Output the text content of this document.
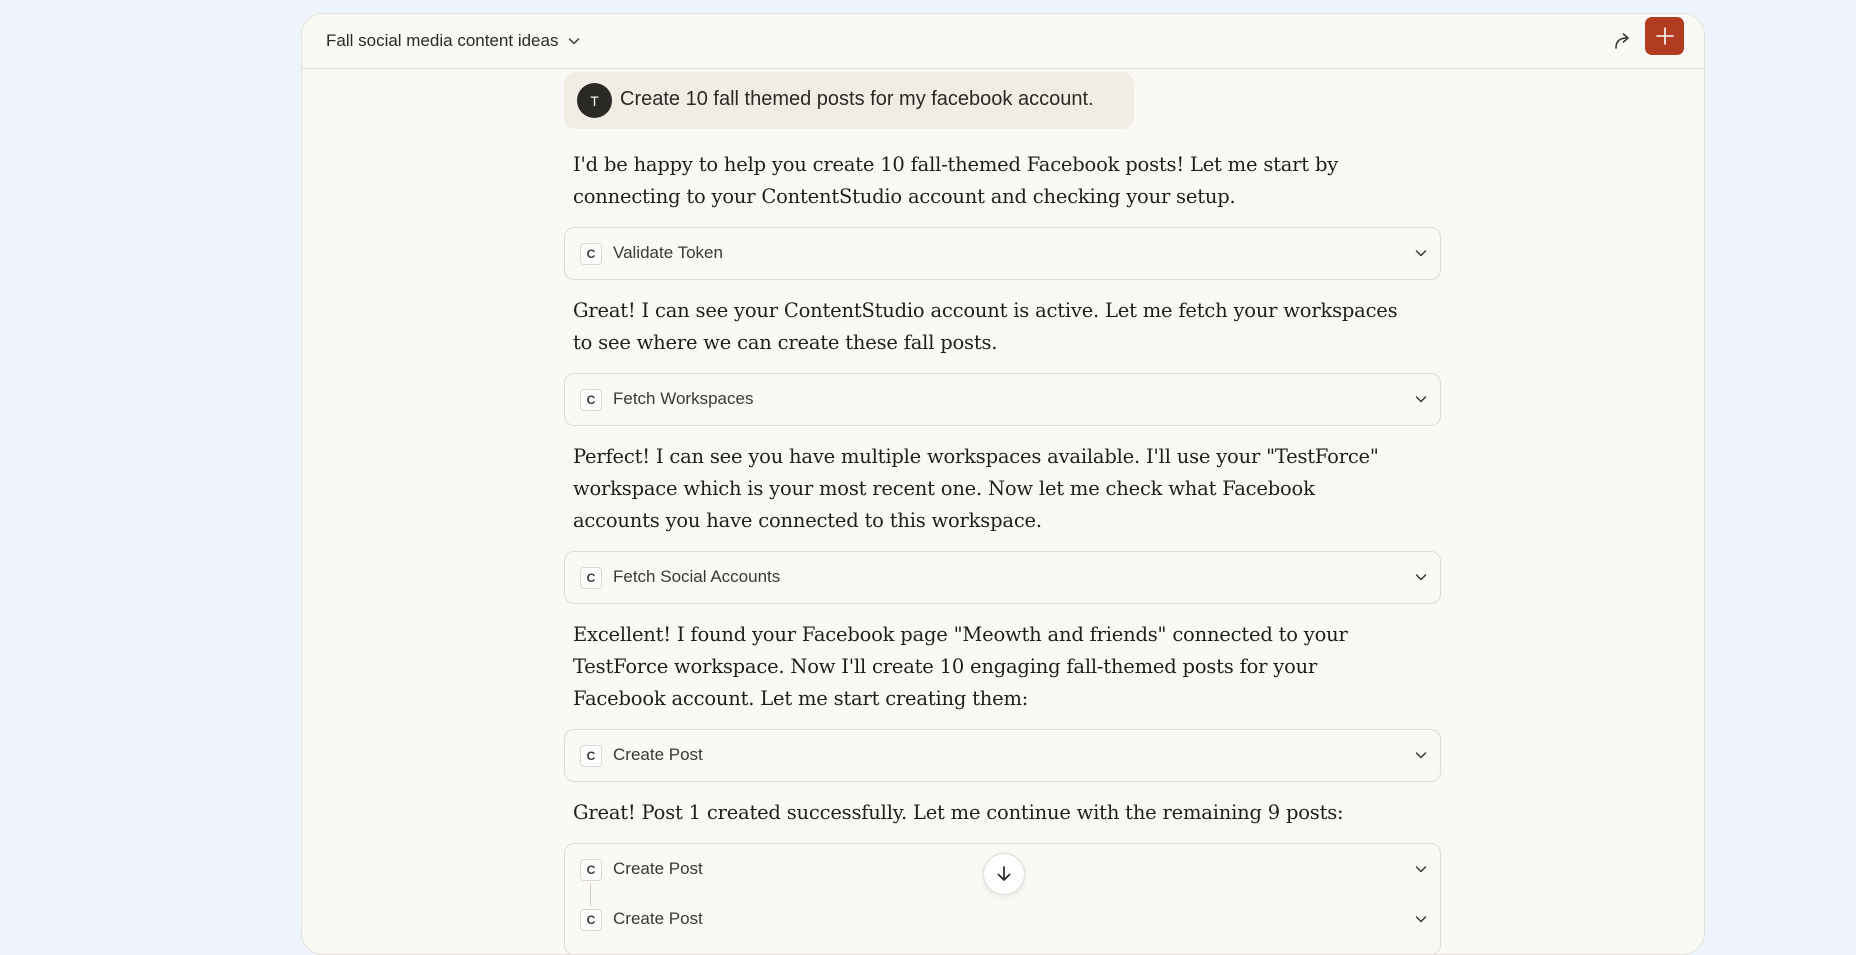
Fall social media content ideas
T	Create 10 fall themed posts for my facebook account.
I'd be happy to help you create 10 fall-themed Facebook posts! Let me start by connecting to your ContentStudio account and checking your setup.
C	Validate Token
Great! I can see your ContentStudio account is active. Let me fetch your workspaces to see where we can create these fall posts.
C	Fetch Workspaces
Perfect! I can see you have multiple workspaces available. I'll use your "TestForce" workspace which is your most recent one. Now let me check what Facebook accounts you have connected to this workspace.
C	Fetch Social Accounts
Excellent! I found your Facebook page "Meowth and friends" connected to your TestForce workspace. Now I'll create 10 engaging fall-themed posts for your Facebook account. Let me start creating them:
C	Create Post
Great! Post 1 created successfully. Let me continue with the remaining 9 posts:
C	Create Post
C	Create Post
